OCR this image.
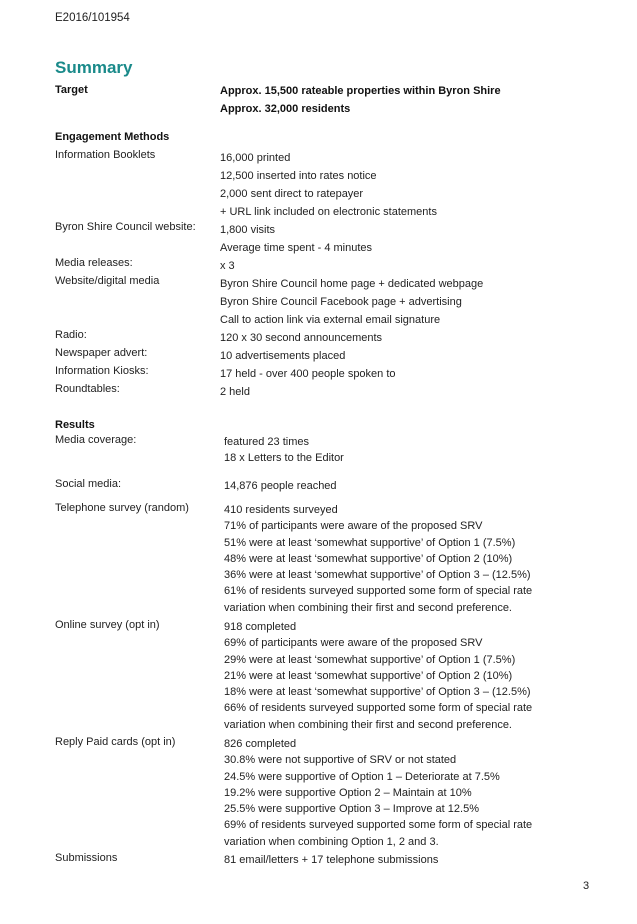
E2016/101954
Summary
Target	Approx. 15,500 rateable properties within Byron Shire
Approx. 32,000 residents
Engagement Methods
Information Booklets	16,000 printed
12,500 inserted into rates notice
2,000 sent direct to ratepayer
+ URL link included on electronic statements
Byron Shire Council website: 1,800 visits
Average time spent - 4 minutes
Media releases:	x 3
Website/digital media	Byron Shire Council home page + dedicated webpage
Byron Shire Council Facebook page + advertising
Call to action link via external email signature
Radio:	120 x 30 second announcements
Newspaper advert:	10 advertisements placed
Information Kiosks:	17 held - over 400 people spoken to
Roundtables:	2 held
Results
Media coverage:	featured 23 times
18 x Letters to the Editor
Social media:	14,876 people reached
Telephone survey (random)	410 residents surveyed
71% of participants were aware of the proposed SRV
51% were at least ‘somewhat supportive’ of Option 1 (7.5%)
48% were at least ‘somewhat supportive’ of Option 2 (10%)
36% were at least ‘somewhat supportive’ of Option 3 – (12.5%)
61% of residents surveyed supported some form of special rate
variation when combining their first and second preference.
Online survey (opt in)	918 completed
69% of participants were aware of the proposed SRV
29% were at least ‘somewhat supportive’ of Option 1 (7.5%)
21% were at least ‘somewhat supportive’ of Option 2 (10%)
18% were at least ‘somewhat supportive’ of Option 3 – (12.5%)
66% of residents surveyed supported some form of special rate
variation when combining their first and second preference.
Reply Paid cards (opt in)	826 completed
30.8% were not supportive of SRV or not stated
24.5% were supportive of Option 1 – Deteriorate at 7.5%
19.2% were supportive Option 2 – Maintain at 10%
25.5% were supportive Option 3 – Improve at 12.5%
69% of residents surveyed supported some form of special rate
variation when combining Option 1, 2 and 3.
Submissions	81 email/letters + 17 telephone submissions
3
